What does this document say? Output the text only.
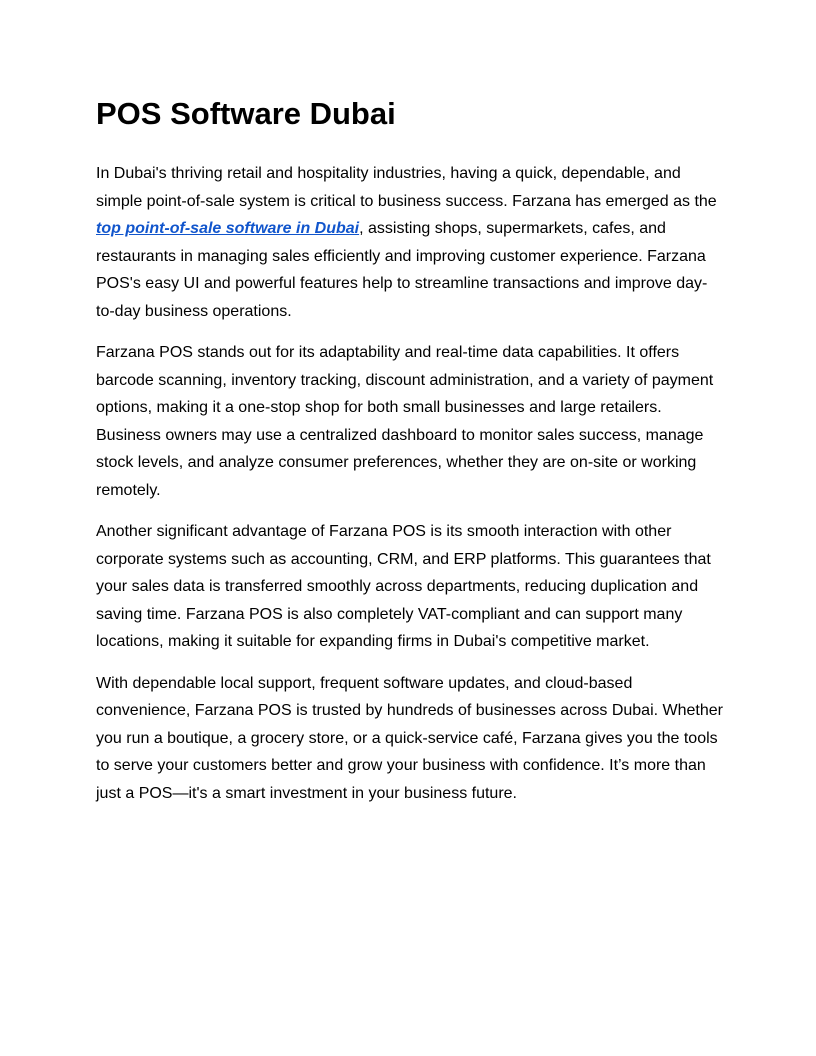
POS Software Dubai

In Dubai's thriving retail and hospitality industries, having a quick, dependable, and simple point-of-sale system is critical to business success. Farzana has emerged as the top point-of-sale software in Dubai, assisting shops, supermarkets, cafes, and restaurants in managing sales efficiently and improving customer experience. Farzana POS's easy UI and powerful features help to streamline transactions and improve day-to-day business operations.

Farzana POS stands out for its adaptability and real-time data capabilities. It offers barcode scanning, inventory tracking, discount administration, and a variety of payment options, making it a one-stop shop for both small businesses and large retailers. Business owners may use a centralized dashboard to monitor sales success, manage stock levels, and analyze consumer preferences, whether they are on-site or working remotely.

Another significant advantage of Farzana POS is its smooth interaction with other corporate systems such as accounting, CRM, and ERP platforms. This guarantees that your sales data is transferred smoothly across departments, reducing duplication and saving time. Farzana POS is also completely VAT-compliant and can support many locations, making it suitable for expanding firms in Dubai's competitive market.

With dependable local support, frequent software updates, and cloud-based convenience, Farzana POS is trusted by hundreds of businesses across Dubai. Whether you run a boutique, a grocery store, or a quick-service café, Farzana gives you the tools to serve your customers better and grow your business with confidence. It’s more than just a POS—it's a smart investment in your business future.
